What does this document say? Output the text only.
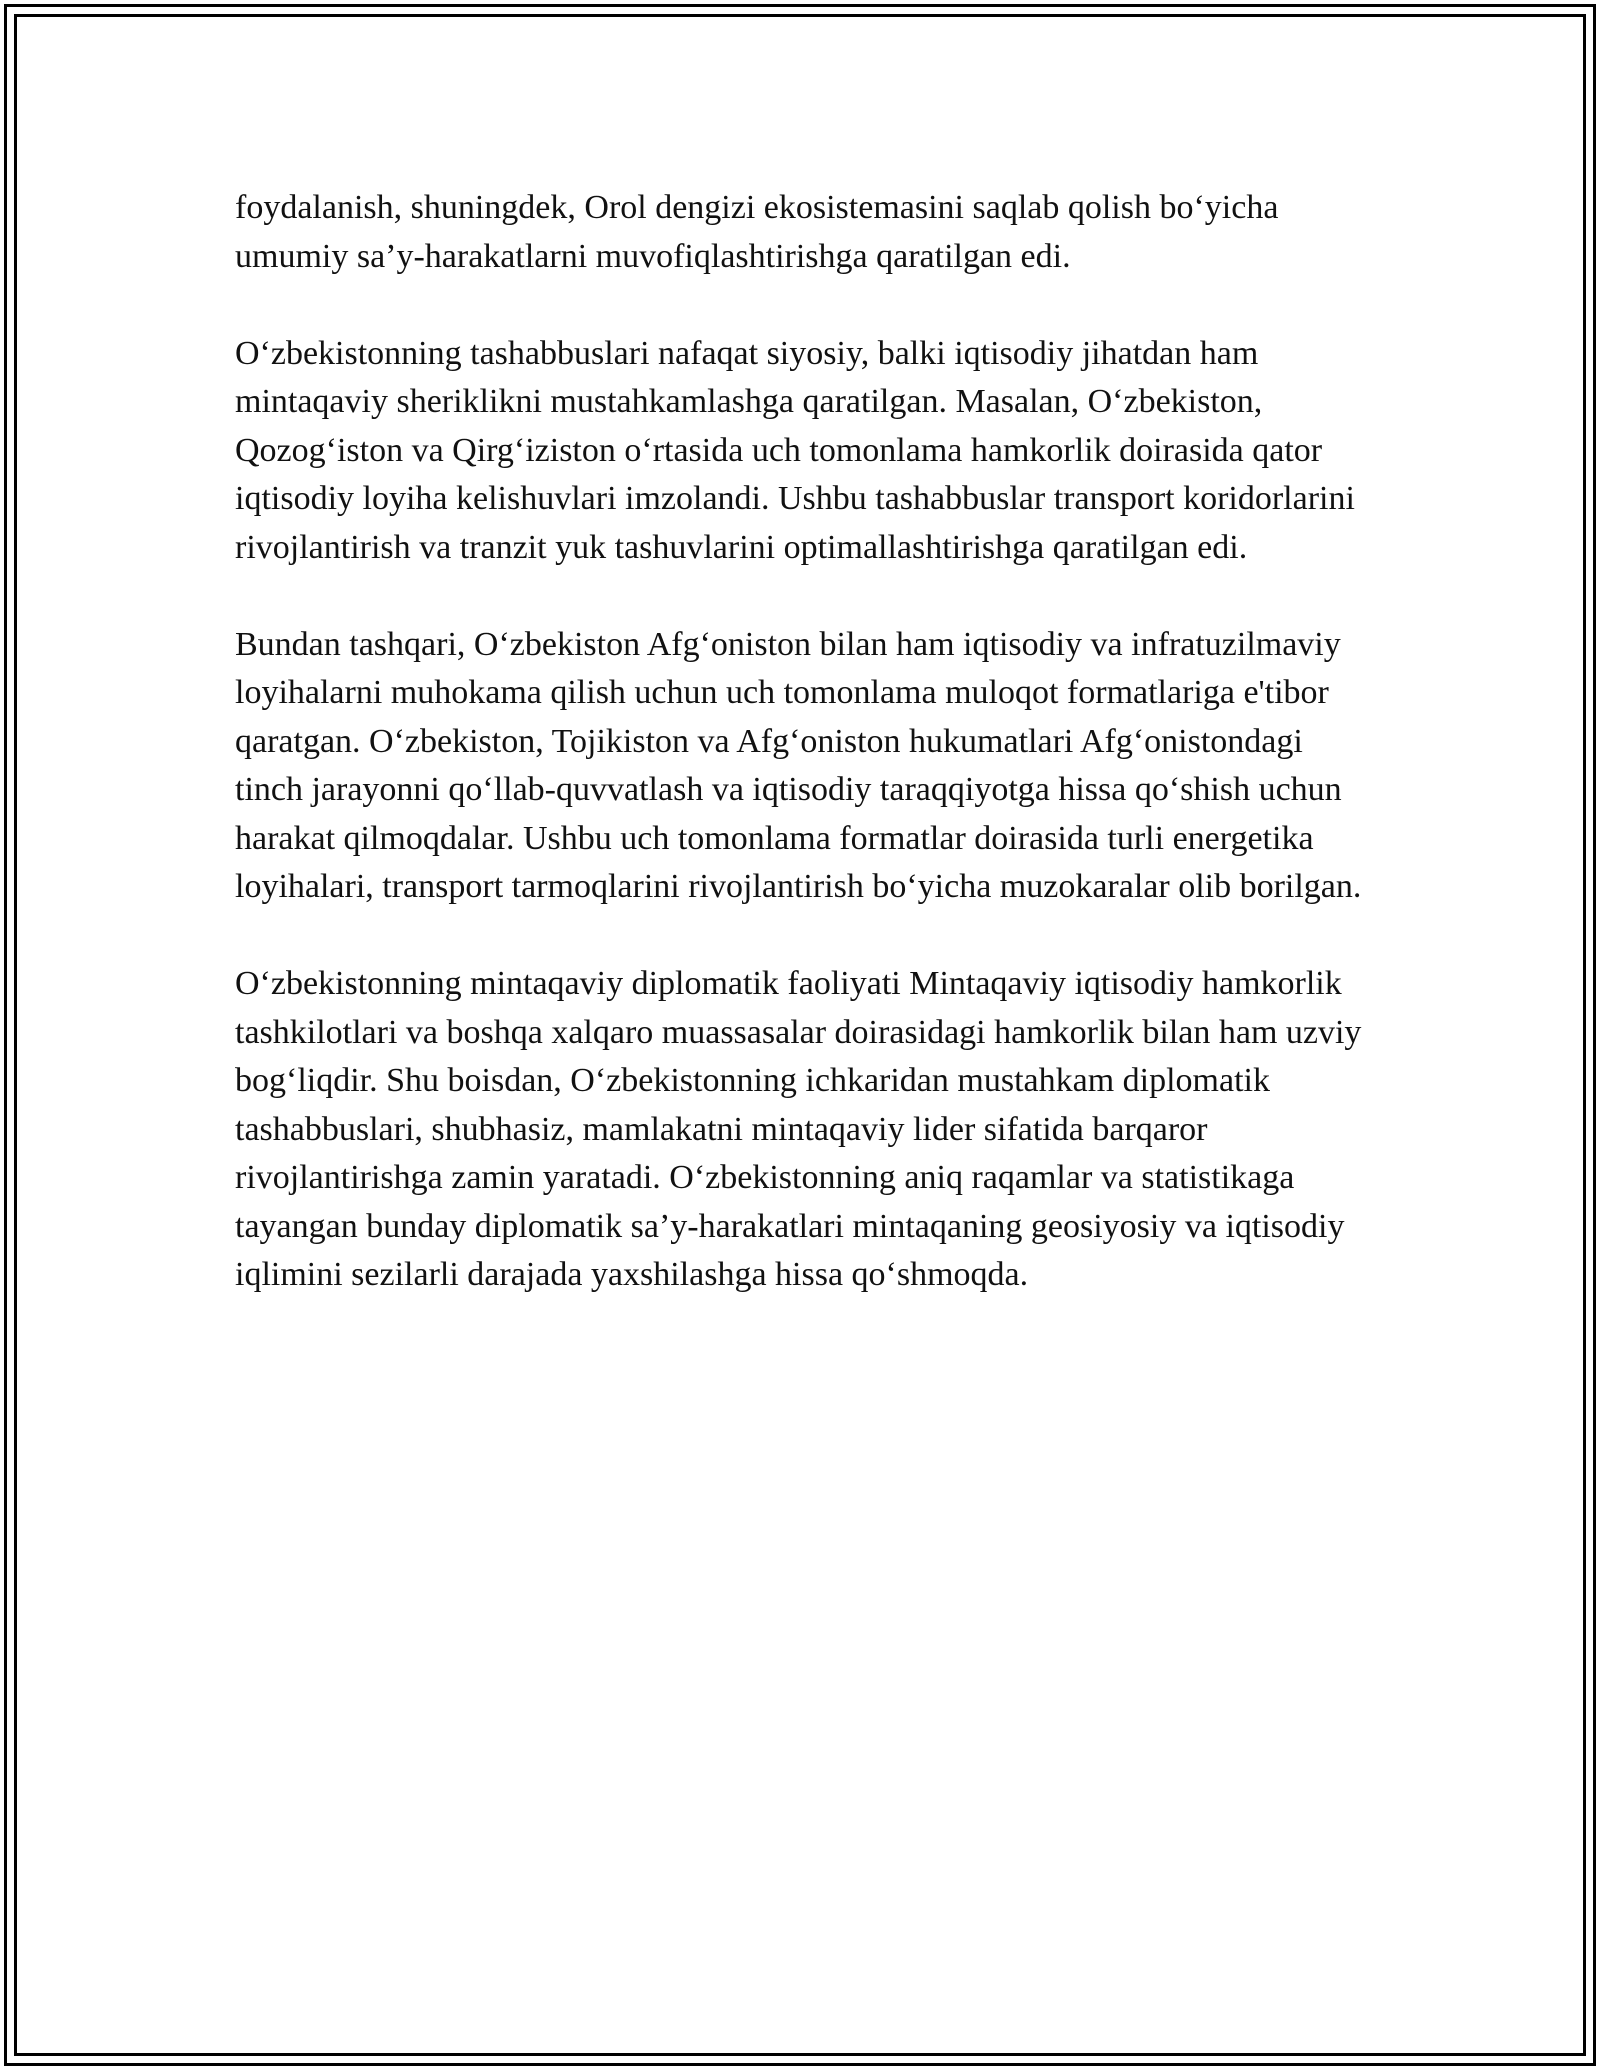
foydalanish, shuningdek, Orol dengizi ekosistemasini saqlab qolish bo‘yicha umumiy sa’y-harakatlarni muvofiqlashtirishga qaratilgan edi.

O‘zbekistonning tashabbuslari nafaqat siyosiy, balki iqtisodiy jihatdan ham mintaqaviy sheriklikni mustahkamlashga qaratilgan. Masalan, O‘zbekiston, Qozog‘iston va Qirg‘iziston o‘rtasida uch tomonlama hamkorlik doirasida qator iqtisodiy loyiha kelishuvlari imzolandi. Ushbu tashabbuslar transport koridorlarini rivojlantirish va tranzit yuk tashuvlarini optimallashtirishga qaratilgan edi.

Bundan tashqari, O‘zbekiston Afg‘oniston bilan ham iqtisodiy va infratuzilmaviy loyihalarni muhokama qilish uchun uch tomonlama muloqot formatlariga e'tibor qaratgan. O‘zbekiston, Tojikiston va Afg‘oniston hukumatlari Afg‘onistondagi tinch jarayonni qo‘llab-quvvatlash va iqtisodiy taraqqiyotga hissa qo‘shish uchun harakat qilmoqdalar. Ushbu uch tomonlama formatlar doirasida turli energetika loyihalari, transport tarmoqlarini rivojlantirish bo‘yicha muzokaralar olib borilgan.

O‘zbekistonning mintaqaviy diplomatik faoliyati Mintaqaviy iqtisodiy hamkorlik tashkilotlari va boshqa xalqaro muassasalar doirasidagi hamkorlik bilan ham uzviy bog‘liqdir. Shu boisdan, O‘zbekistonning ichkaridan mustahkam diplomatik tashabbuslari, shubhasiz, mamlakatni mintaqaviy lider sifatida barqaror rivojlantirishga zamin yaratadi. O‘zbekistonning aniq raqamlar va statistikaga tayangan bunday diplomatik sa’y-harakatlari mintaqaning geosiyosiy va iqtisodiy iqlimini sezilarli darajada yaxshilashga hissa qo‘shmoqda.
